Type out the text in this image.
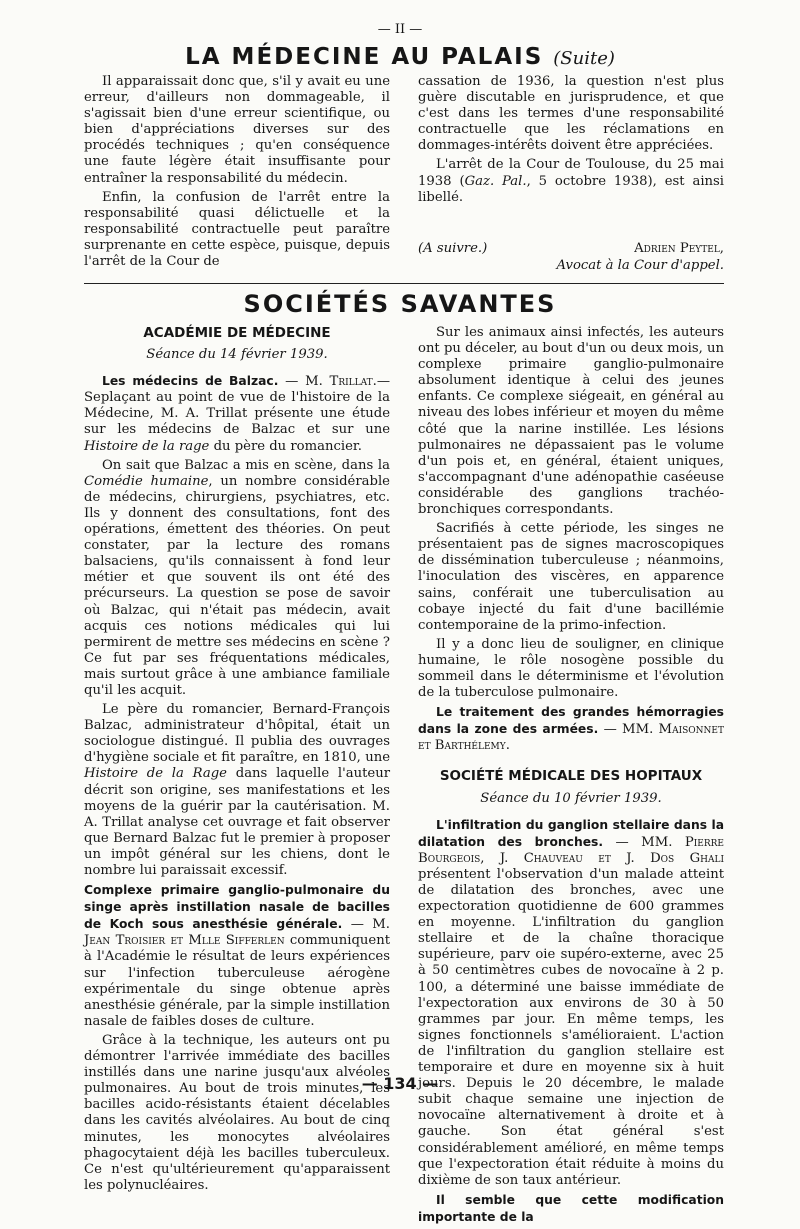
— II —
LA MÉDECINE AU PALAIS (Suite)

Il apparaissait donc que, s'il y avait eu une erreur, d'ailleurs non dommageable, il s'agissait bien d'une erreur scientifique, ou bien d'appréciations diverses sur des procédés techniques ; qu'en conséquence une faute légère était insuffisante pour entraîner la responsabilité du médecin.

Enfin, la confusion de l'arrêt entre la responsabilité quasi délictuelle et la responsabilité contractuelle peut paraître surprenante en cette espèce, puisque, depuis l'arrêt de la Cour de

cassation de 1936, la question n'est plus guère discutable en jurisprudence, et que c'est dans les termes d'une responsabilité contractuelle que les réclamations en dommages-intérêts doivent être appréciées.

L'arrêt de la Cour de Toulouse, du 25 mai 1938 (Gaz. Pal., 5 octobre 1938), est ainsi libellé.

(A suivre.)	Adrien Peytel,
Avocat à la Cour d'appel.
SOCIÉTÉS SAVANTES
ACADÉMIE DE MÉDECINE
Séance du 14 février 1939.

Les médecins de Balzac. — M. Trillat.— Seplaçant au point de vue de l'histoire de la Médecine, M. A. Trillat présente une étude sur les médecins de Balzac et sur une Histoire de la rage du père du romancier.

On sait que Balzac a mis en scène, dans la Comédie humaine, un nombre considérable de médecins, chirurgiens, psychiatres, etc. Ils y donnent des consultations, font des opérations, émettent des théories. On peut constater, par la lecture des romans balsaciens, qu'ils connaissent à fond leur métier et que souvent ils ont été des précurseurs. La question se pose de savoir où Balzac, qui n'était pas médecin, avait acquis ces notions médicales qui lui permirent de mettre ses médecins en scène ? Ce fut par ses fréquentations médicales, mais surtout grâce à une ambiance familiale qu'il les acquit.

Le père du romancier, Bernard-François Balzac, administrateur d'hôpital, était un sociologue distingué. Il publia des ouvrages d'hygiène sociale et fit paraître, en 1810, une Histoire de la Rage dans laquelle l'auteur décrit son origine, ses manifestations et les moyens de la guérir par la cautérisation. M. A. Trillat analyse cet ouvrage et fait observer que Bernard Balzac fut le premier à proposer un impôt général sur les chiens, dont le nombre lui paraissait excessif.

Complexe primaire ganglio-pulmonaire du singe après instillation nasale de bacilles de Koch sous anesthésie générale. — M. Jean Troisier et Mlle Sifferlen communiquent à l'Académie le résultat de leurs expériences sur l'infection tuberculeuse aérogène expérimentale du singe obtenue après anesthésie générale, par la simple instillation nasale de faibles doses de culture.

Grâce à la technique, les auteurs ont pu démontrer l'arrivée immédiate des bacilles instillés dans une narine jusqu'aux alvéoles pulmonaires. Au bout de trois minutes, les bacilles acido-résistants étaient décelables dans les cavités alvéolaires. Au bout de cinq minutes, les monocytes alvéolaires phagocytaient déjà les bacilles tuberculeux. Ce n'est qu'ultérieurement qu'apparaissent les polynucléaires.

Sur les animaux ainsi infectés, les auteurs ont pu déceler, au bout d'un ou deux mois, un complexe primaire ganglio-pulmonaire absolument identique à celui des jeunes enfants. Ce complexe siégeait, en général au niveau des lobes inférieur et moyen du même côté que la narine instillée. Les lésions pulmonaires ne dépassaient pas le volume d'un pois et, en général, étaient uniques, s'accompagnant d'une adénopathie caséeuse considérable des ganglions trachéo-bronchiques correspondants.

Sacrifiés à cette période, les singes ne présentaient pas de signes macroscopiques de dissémination tuberculeuse ; néanmoins, l'inoculation des viscères, en apparence sains, conférait une tuberculisation au cobaye injecté du fait d'une bacillémie contemporaine de la primo-infection.

Il y a donc lieu de souligner, en clinique humaine, le rôle nosogène possible du sommeil dans le déterminisme et l'évolution de la tuberculose pulmonaire.

Le traitement des grandes hémorragies dans la zone des armées. — MM. Maisonnet et Barthélemy.

SOCIÉTÉ MÉDICALE DES HOPITAUX
Séance du 10 février 1939.

L'infiltration du ganglion stellaire dans la dilatation des bronches. — MM. Pierre Bourgeois, J. Chauveau et J. Dos Ghali présentent l'observation d'un malade atteint de dilatation des bronches, avec une expectoration quotidienne de 600 grammes en moyenne. L'infiltration du ganglion stellaire et de la chaîne thoracique supérieure, parv oie supéro-externe, avec 25 à 50 centimètres cubes de novocaïne à 2 p. 100, a déterminé une baisse immédiate de l'expectoration aux environs de 30 à 50 grammes par jour. En même temps, les signes fonctionnels s'amélioraient. L'action de l'infiltration du ganglion stellaire est temporaire et dure en moyenne six à huit jours. Depuis le 20 décembre, le malade subit chaque semaine une injection de novocaïne alternativement à droite et à gauche. Son état général s'est considérablement amélioré, en même temps que l'expectoration était réduite à moins du dixième de son taux antérieur.

Il semble que cette modification importante de la

— 134 —
